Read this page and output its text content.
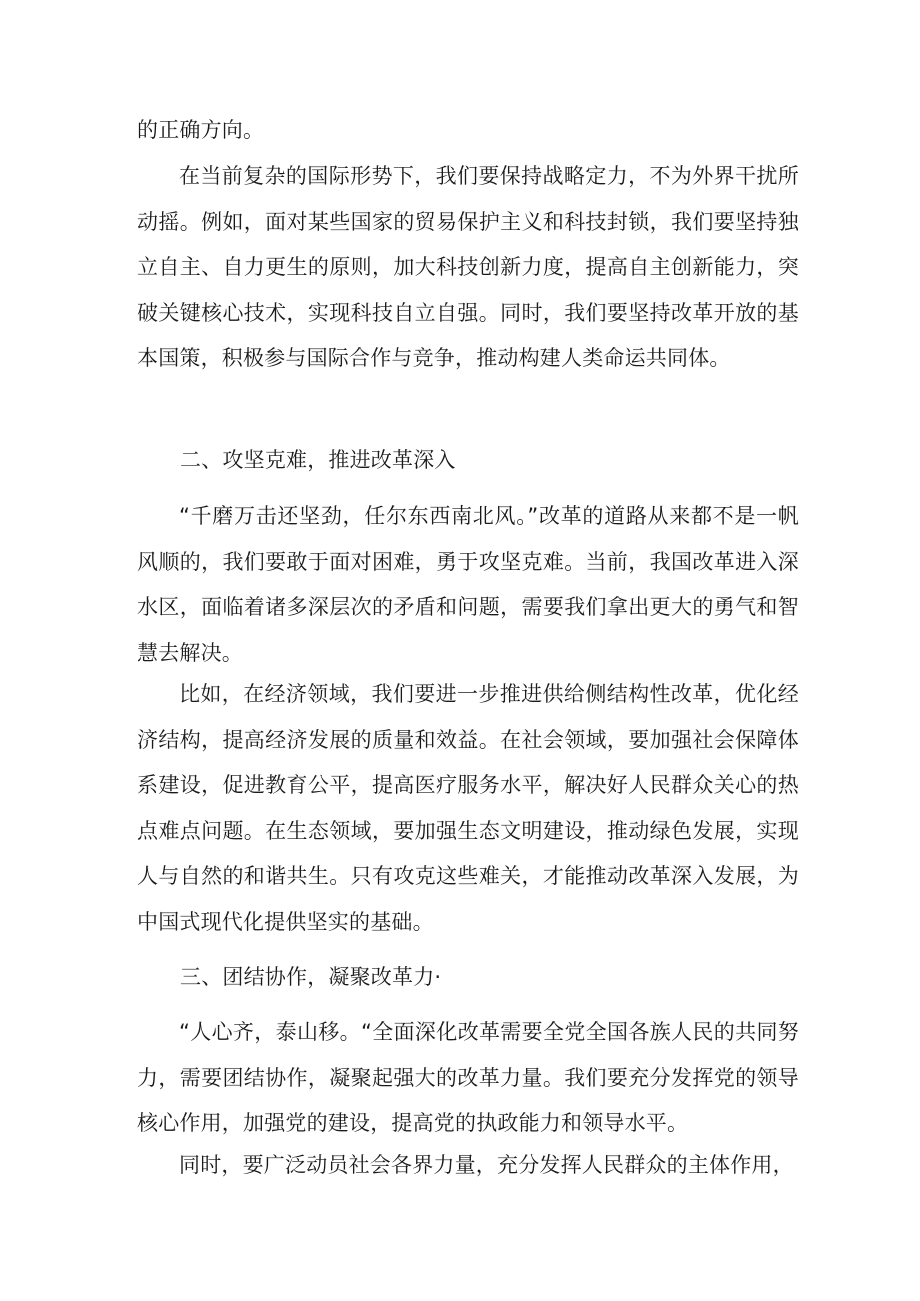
的正确方向。
在当前复杂的国际形势下，我们要保持战略定力，不为外界干扰所动摇。例如，面对某些国家的贸易保护主义和科技封锁，我们要坚持独立自主、自力更生的原则，加大科技创新力度，提高自主创新能力，突破关键核心技术，实现科技自立自强。同时，我们要坚持改革开放的基本国策，积极参与国际合作与竞争，推动构建人类命运共同体。
二、攻坚克难，推进改革深入
“千磨万击还坚劲，任尔东西南北风。”改革的道路从来都不是一帆风顺的，我们要敢于面对困难，勇于攻坚克难。当前，我国改革进入深水区，面临着诸多深层次的矛盾和问题，需要我们拿出更大的勇气和智慧去解决。
比如，在经济领域，我们要进一步推进供给侧结构性改革，优化经济结构，提高经济发展的质量和效益。在社会领域，要加强社会保障体系建设，促进教育公平，提高医疗服务水平，解决好人民群众关心的热点难点问题。在生态领域，要加强生态文明建设，推动绿色发展，实现人与自然的和谐共生。只有攻克这些难关，才能推动改革深入发展，为中国式现代化提供坚实的基础。
三、团结协作，凝聚改革力·
“人心齐，泰山移。“全面深化改革需要全党全国各族人民的共同努力，需要团结协作，凝聚起强大的改革力量。我们要充分发挥党的领导核心作用，加强党的建设，提高党的执政能力和领导水平。
同时，要广泛动员社会各界力量，充分发挥人民群众的主体作用，
